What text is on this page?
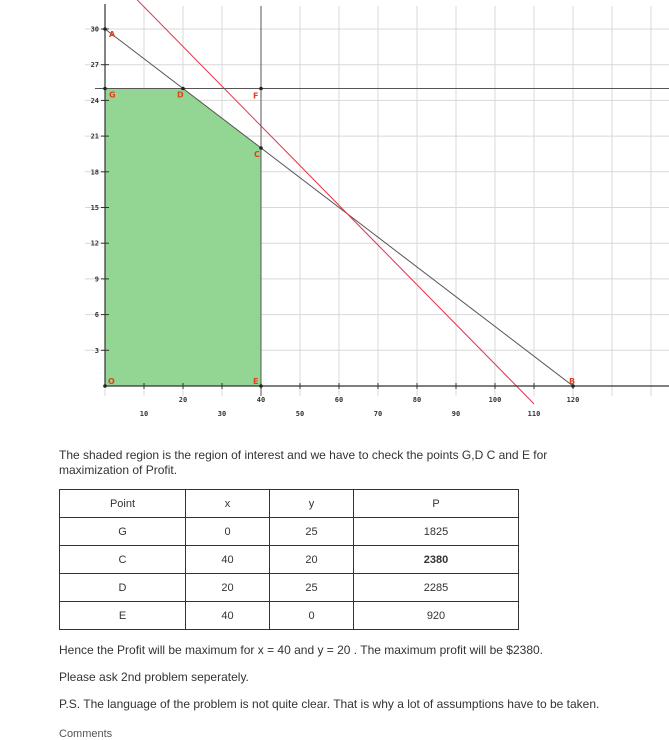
3
6
9
12
15
18
21
24
27
30
20	40	60	80	100	120
10	30	50	70	90	110
A
G	D	F
C
O	E	B

The shaded region is the region of interest and we have to check the points G,D C and E for maximization of Profit.

Point	x	y	P
G	0	25	1825
C	40	20	2380
D	20	25	2285
E	40	0	920

Hence the Profit will be maximum for x = 40 and y = 20 . The maximum profit will be $2380.

Please ask 2nd problem seperately.

P.S. The language of the problem is not quite clear. That is why a lot of assumptions have to be taken.

Comments
